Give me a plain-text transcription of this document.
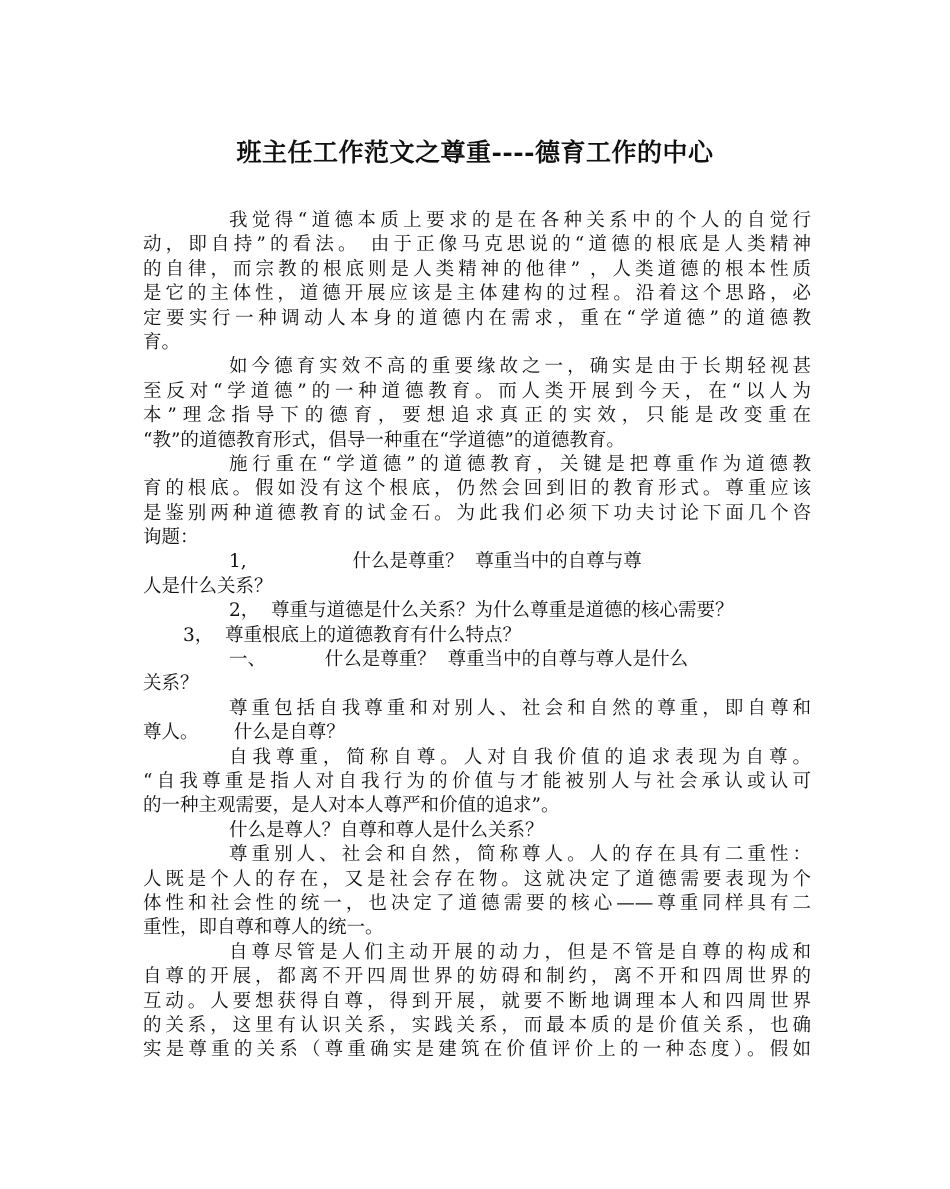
班主任工作范文之尊重----德育工作的中心
我觉得“道德本质上要求的是在各种关系中的个人的自觉行
动，即自持”的看法。 由于正像马克思说的“道德的根底是人类精神
的自律，而宗教的根底则是人类精神的他律” ，人类道德的根本性质
是它的主体性，道德开展应该是主体建构的过程。沿着这个思路，必
定要实行一种调动人本身的道德内在需求，重在“学道德”的道德教
育。
如今德育实效不高的重要缘故之一，确实是由于长期轻视甚
至反对“学道德”的一种道德教育。而人类开展到今天，在“以人为
本”理念指导下的德育，要想追求真正的实效，只能是改变重在
“教”的道德教育形式，倡导一种重在“学道德”的道德教育。
施行重在“学道德”的道德教育，关键是把尊重作为道德教
育的根底。假如没有这个根底，仍然会回到旧的教育形式。尊重应该
是鉴别两种道德教育的试金石。为此我们必须下功夫讨论下面几个咨
询题：
1,                  什么是尊重？  尊重当中的自尊与尊
人是什么关系？
2，  尊重与道德是什么关系？为什么尊重是道德的核心需要？
3，  尊重根底上的道德教育有什么特点？
一、          什么是尊重？  尊重当中的自尊与尊人是什么
关系？
尊重包括自我尊重和对别人、社会和自然的尊重，即自尊和
尊人。      什么是自尊？
自我尊重，简称自尊。人对自我价值的追求表现为自尊。
“自我尊重是指人对自我行为的价值与才能被别人与社会承认或认可
的一种主观需要，是人对本人尊严和价值的追求”。
什么是尊人？自尊和尊人是什么关系？
尊重别人、社会和自然，简称尊人。人的存在具有二重性：
人既是个人的存在，又是社会存在物。这就决定了道德需要表现为个
体性和社会性的统一，也决定了道德需要的核心——尊重同样具有二
重性，即自尊和尊人的统一。
自尊尽管是人们主动开展的动力，但是不管是自尊的构成和
自尊的开展，都离不开四周世界的妨碍和制约，离不开和四周世界的
互动。人要想获得自尊，得到开展，就要不断地调理本人和四周世界
的关系，这里有认识关系，实践关系，而最本质的是价值关系，也确
实是尊重的关系（尊重确实是建筑在价值评价上的一种态度）。假如
